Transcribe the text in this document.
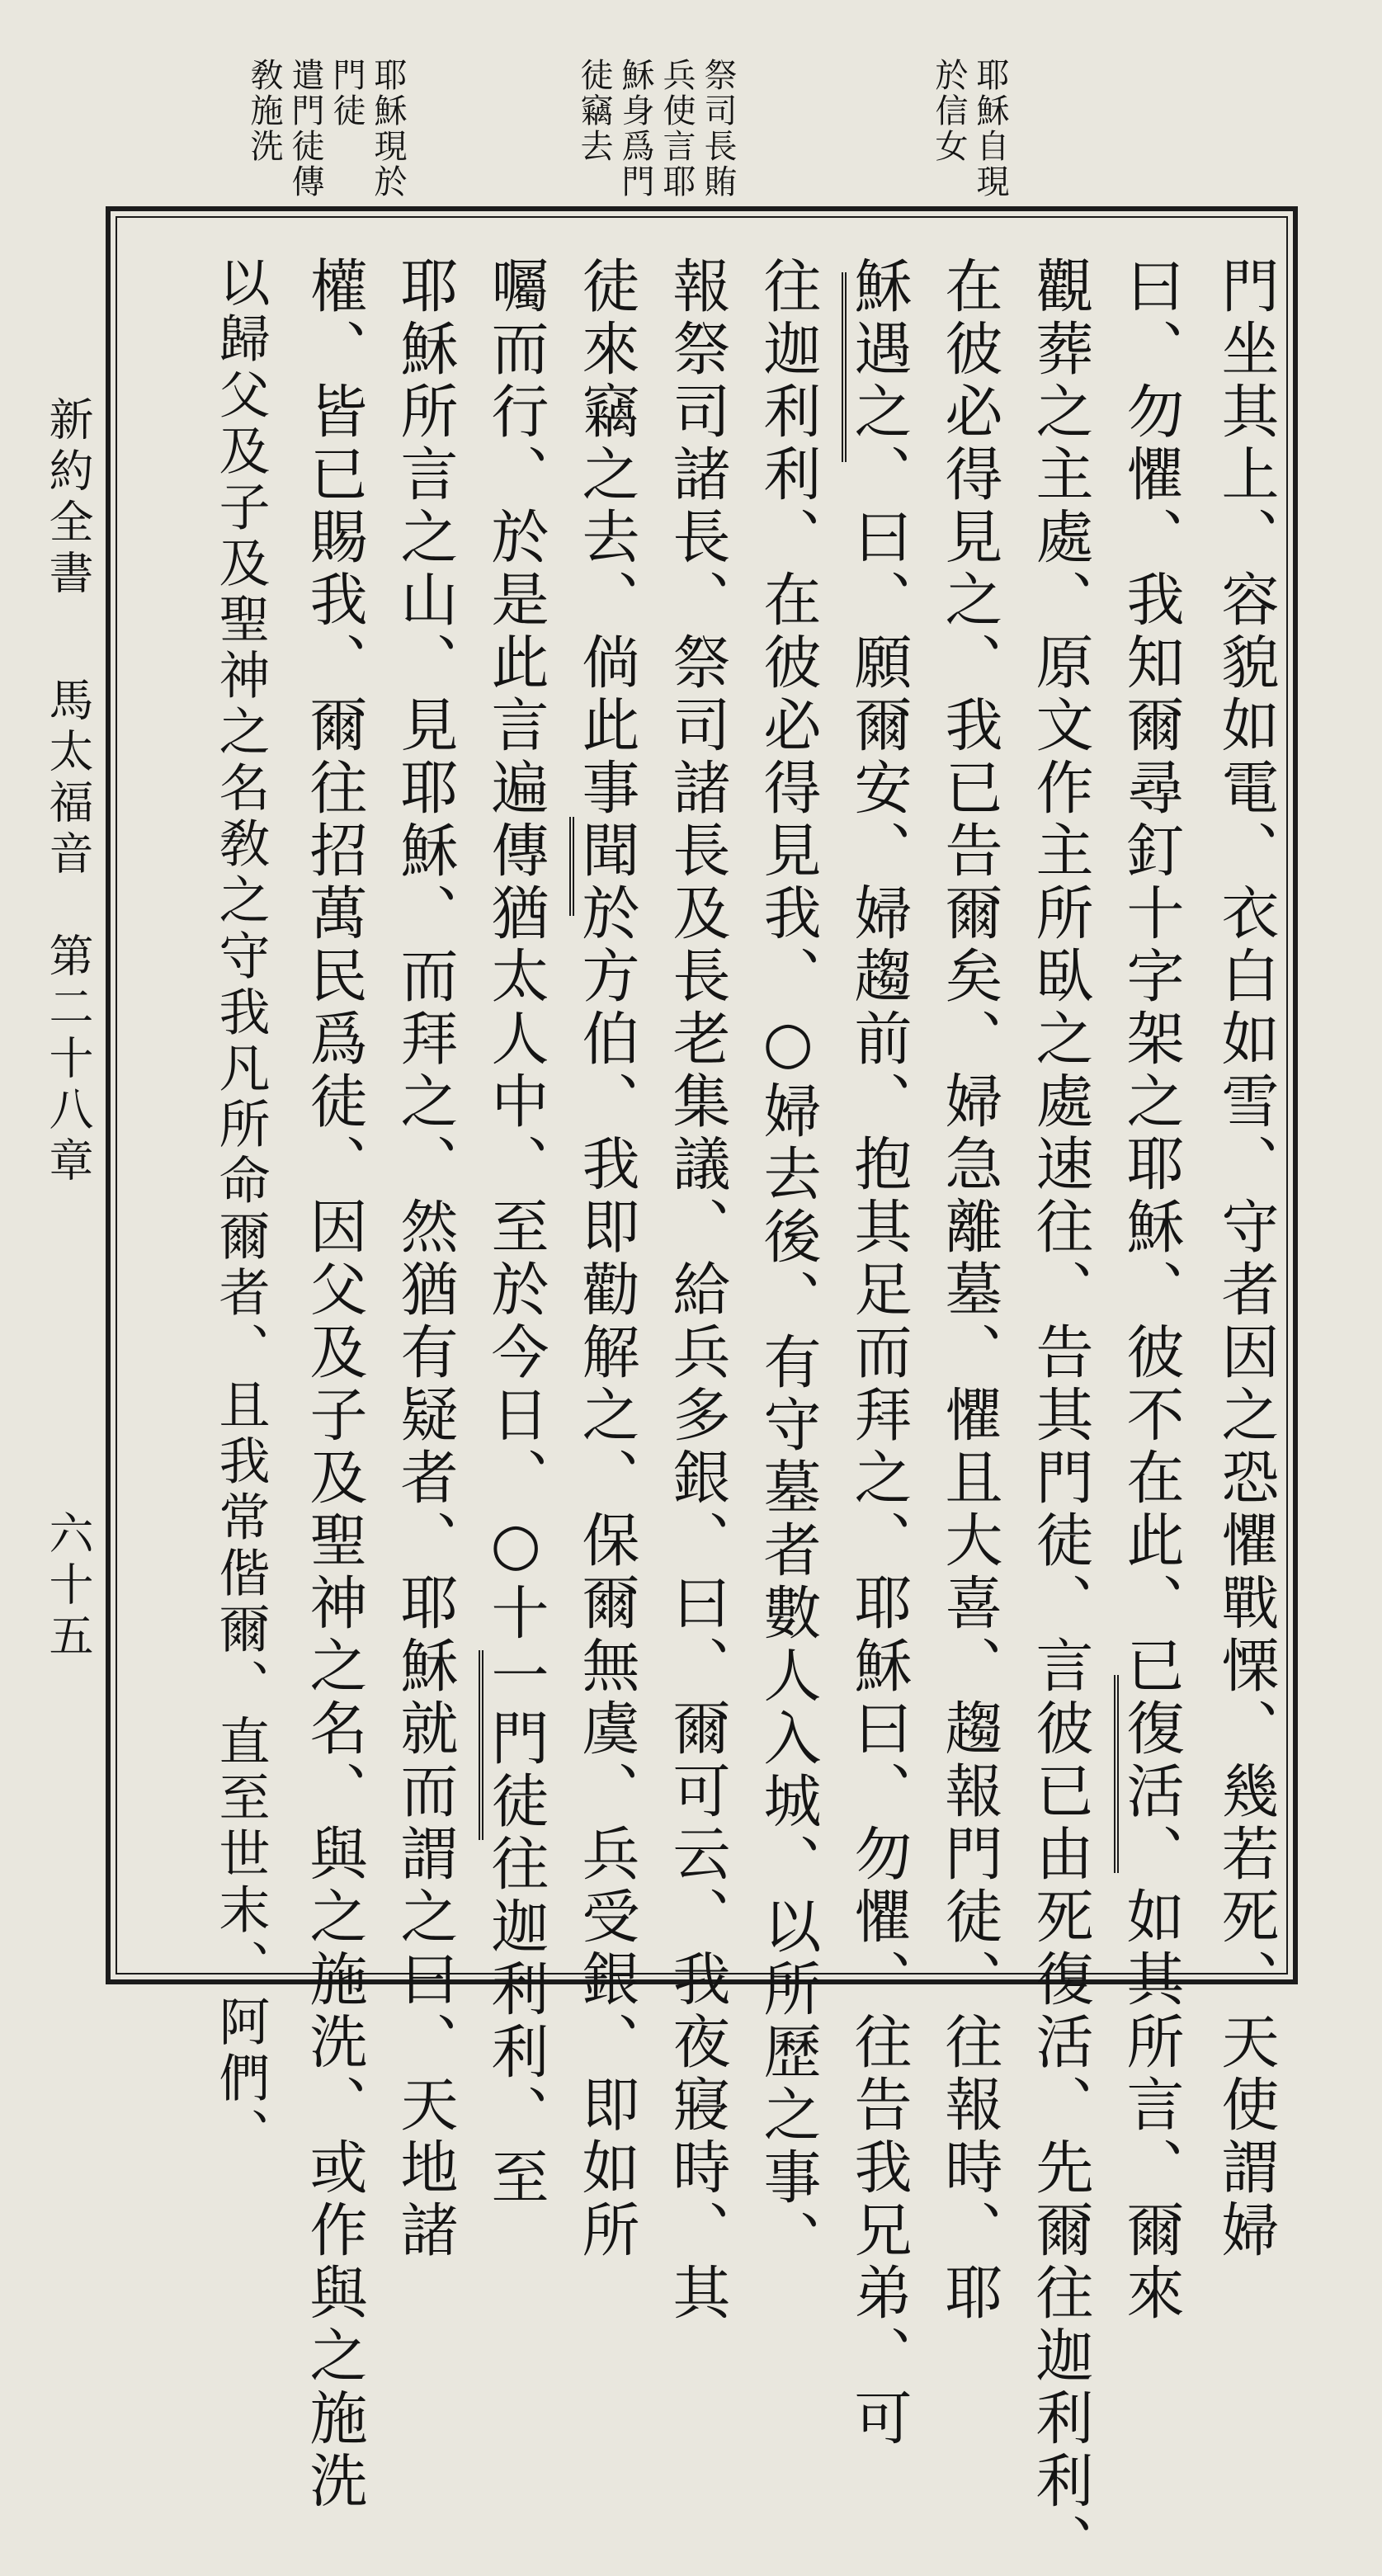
耶穌自現
於信女
祭司長賄
兵使言耶
穌身爲門
徒竊去
耶穌現於
門徒
遣門徒傳
敎施洗
門坐其上、容貌如電、衣白如雪、守者因之恐懼戰慄、幾若死、天使謂婦
曰、勿懼、我知爾尋釘十字架之耶穌、彼不在此、已復活、如其所言、爾來
觀葬之主處、原文作主所臥之處速往、告其門徒、言彼已由死復活、先爾往迦利利、
在彼必得見之、我已告爾矣、婦急離墓、懼且大喜、趨報門徒、往報時、耶
穌遇之、曰、願爾安、婦趨前、抱其足而拜之、耶穌曰、勿懼、往告我兄弟、可
往迦利利、在彼必得見我、○婦去後、有守墓者數人入城、以所歷之事、
報祭司諸長、祭司諸長及長老集議、給兵多銀、曰、爾可云、我夜寢時、其
徒來竊之去、倘此事聞於方伯、我即勸解之、保爾無虞、兵受銀、即如所
囑而行、於是此言遍傳猶太人中、至於今日、○十一門徒往迦利利、至
耶穌所言之山、見耶穌、而拜之、然猶有疑者、耶穌就而謂之曰、天地諸
權、皆已賜我、爾往招萬民爲徒、因父及子及聖神之名、與之施洗、或作與之施洗
以歸父及子及聖神之名敎之守我凡所命爾者、且我常偕爾、直至世末、阿們、
新約全書
馬太福音
第二十八章
六十五
